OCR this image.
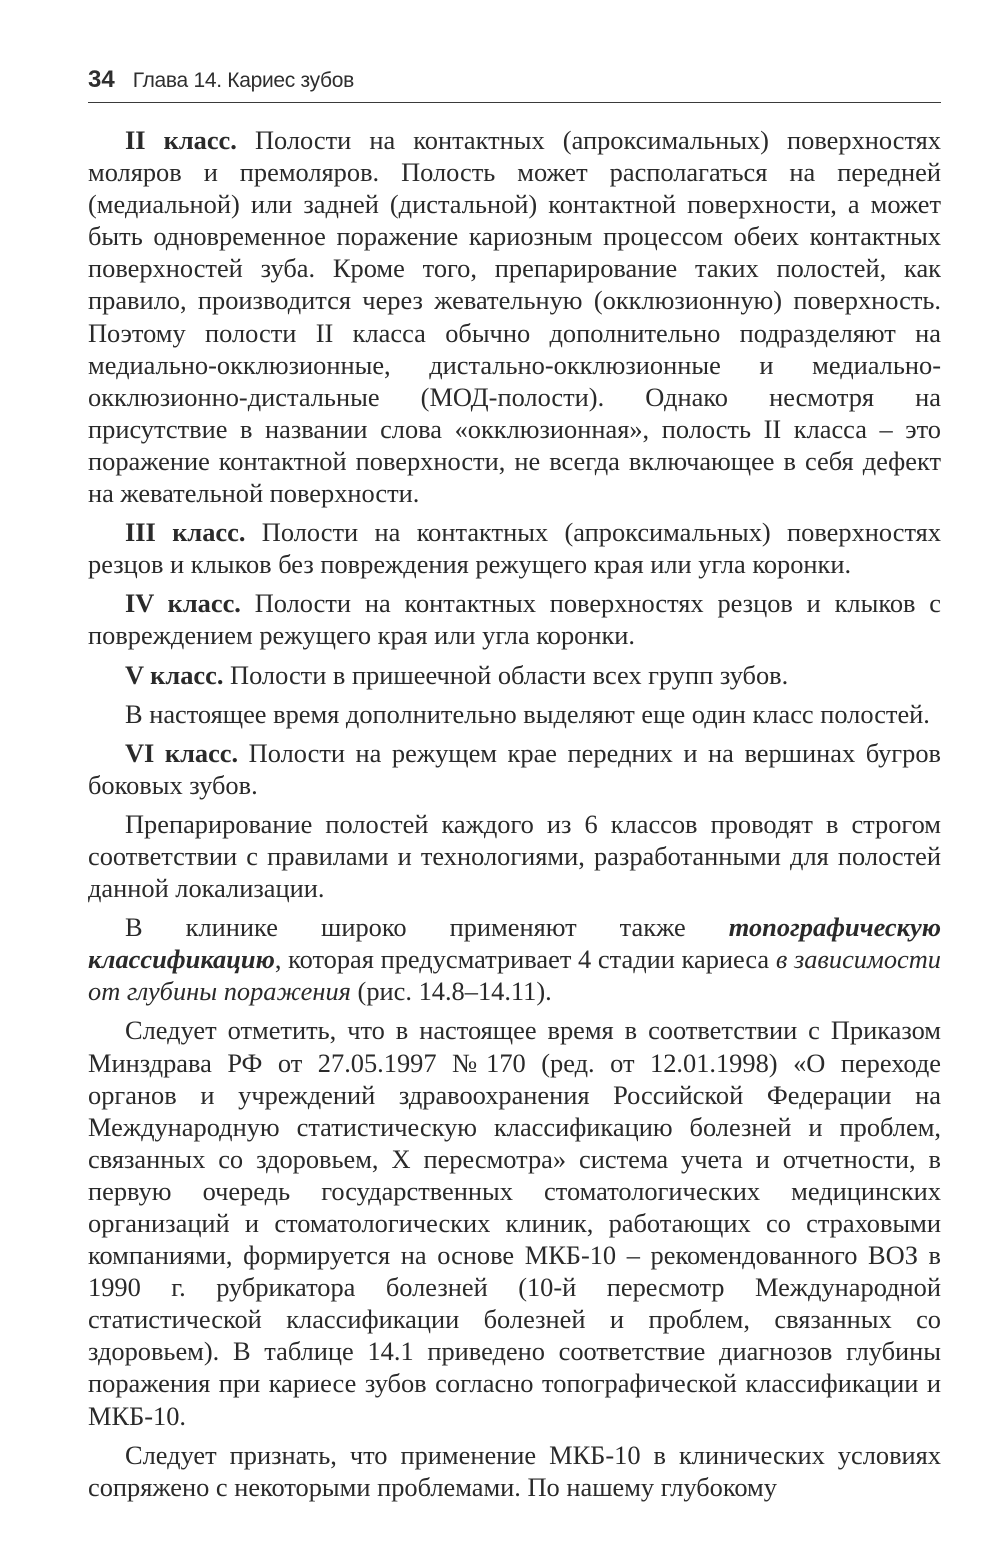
34 Глава 14. Кариес зубов

II класс. Полости на контактных (апроксимальных) поверхностях моляров и премоляров. Полость может располагаться на передней (медиальной) или задней (дистальной) контактной поверхности, а может быть одновременное поражение кариозным процессом обеих контактных поверхностей зуба. Кроме того, препарирование таких полостей, как правило, производится через жевательную (окклюзионную) поверхность. Поэтому полости II класса обычно дополнительно подразделяют на медиально-окклюзионные, дистально-окклюзионные и медиально-окклюзионно-дистальные (МОД-полости). Однако несмотря на присутствие в названии слова «окклюзионная», полость II класса – это поражение контактной поверхности, не всегда включающее в себя дефект на жевательной поверхности.

III класс. Полости на контактных (апроксимальных) поверхностях резцов и клыков без повреждения режущего края или угла коронки.

IV класс. Полости на контактных поверхностях резцов и клыков с повреждением режущего края или угла коронки.

V класс. Полости в пришеечной области всех групп зубов.

В настоящее время дополнительно выделяют еще один класс полостей.

VI класс. Полости на режущем крае передних и на вершинах бугров боковых зубов.

Препарирование полостей каждого из 6 классов проводят в строгом соответствии с правилами и технологиями, разработанными для полостей данной локализации.

В клинике широко применяют также топографическую классификацию, которая предусматривает 4 стадии кариеса в зависимости от глубины поражения (рис. 14.8–14.11).

Следует отметить, что в настоящее время в соответствии с Приказом Минздрава РФ от 27.05.1997 №170 (ред. от 12.01.1998) «О переходе органов и учреждений здравоохранения Российской Федерации на Международную статистическую классификацию болезней и проблем, связанных со здоровьем, X пересмотра» система учета и отчетности, в первую очередь государственных стоматологических медицинских организаций и стоматологических клиник, работающих со страховыми компаниями, формируется на основе МКБ-10 – рекомендованного ВОЗ в 1990 г. рубрикатора болезней (10-й пересмотр Международной статистической классификации болезней и проблем, связанных со здоровьем). В таблице 14.1 приведено соответствие диагнозов глубины поражения при кариесе зубов согласно топографической классификации и МКБ-10.

Следует признать, что применение МКБ-10 в клинических условиях сопряжено с некоторыми проблемами. По нашему глубокому
